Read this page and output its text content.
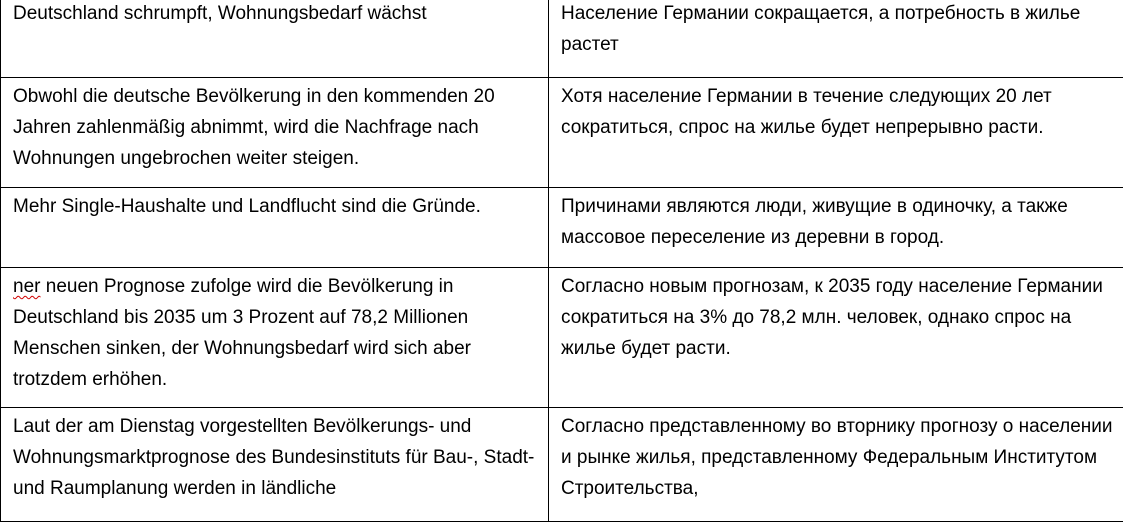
Deutschland schrumpft, Wohnungsbedarf wächst	Население Германии сокращается, а потребность в жилье растет
Obwohl die deutsche Bevölkerung in den kommenden 20 Jahren zahlenmäßig abnimmt, wird die Nachfrage nach Wohnungen ungebrochen weiter steigen.	Хотя население Германии в течение следующих 20 лет сократиться, спрос на жилье будет непрерывно расти.
Mehr Single-Haushalte und Landflucht sind die Gründe.	Причинами являются люди, живущие в одиночку, а также массовое переселение из деревни в город.
ner neuen Prognose zufolge wird die Bevölkerung in Deutschland bis 2035 um 3 Prozent auf 78,2 Millionen Menschen sinken, der Wohnungsbedarf wird sich aber trotzdem erhöhen.	Согласно новым прогнозам, к 2035 году население Германии сократиться на 3% до 78,2 млн. человек, однако спрос на жилье будет расти.
Laut der am Dienstag vorgestellten Bevölkerungs- und Wohnungsmarktprognose des Bundesinstituts für Bau-, Stadt- und Raumplanung werden in ländliche	Согласно представленному во вторнику прогнозу о населении и рынке жилья, представленному Федеральным Институтом Строительства,
